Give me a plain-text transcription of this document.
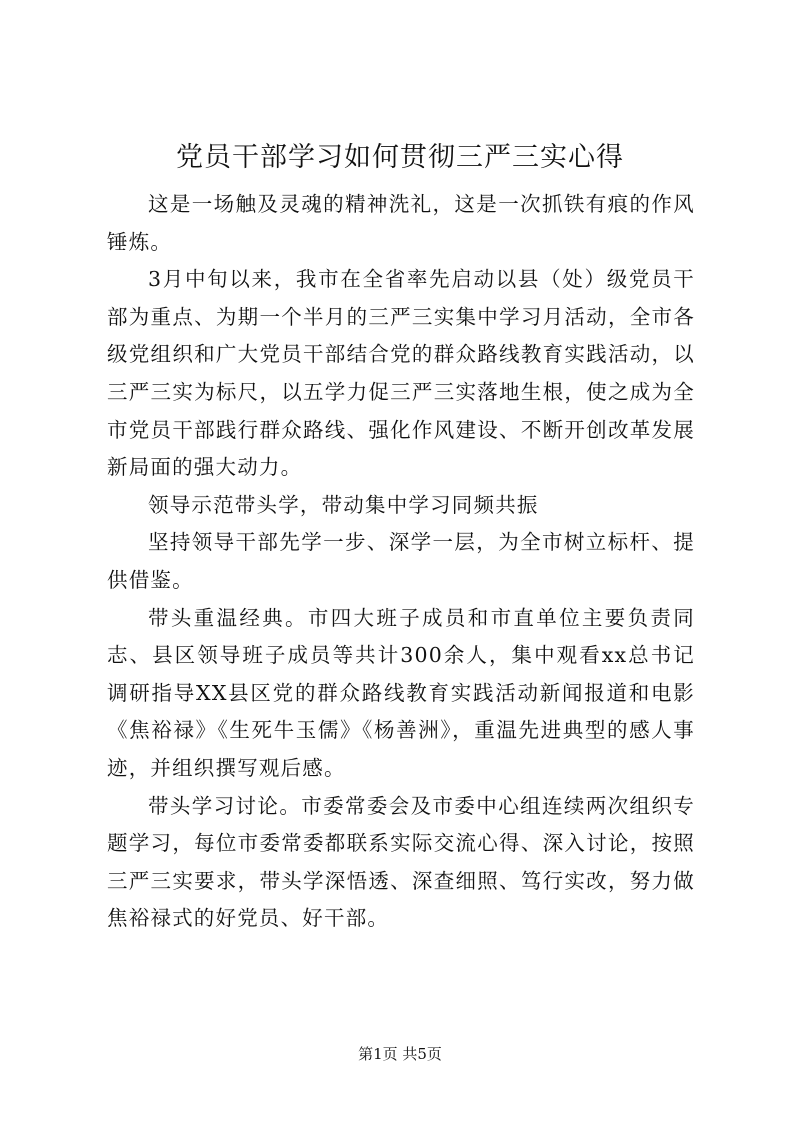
党员干部学习如何贯彻三严三实心得

这是一场触及灵魂的精神洗礼，这是一次抓铁有痕的作风锤炼。

3月中旬以来，我市在全省率先启动以县（处）级党员干部为重点、为期一个半月的三严三实集中学习月活动，全市各级党组织和广大党员干部结合党的群众路线教育实践活动，以三严三实为标尺，以五学力促三严三实落地生根，使之成为全市党员干部践行群众路线、强化作风建设、不断开创改革发展新局面的强大动力。

领导示范带头学，带动集中学习同频共振

坚持领导干部先学一步、深学一层，为全市树立标杆、提供借鉴。

带头重温经典。市四大班子成员和市直单位主要负责同志、县区领导班子成员等共计300余人，集中观看xx总书记调研指导XX县区党的群众路线教育实践活动新闻报道和电影《焦裕禄》《生死牛玉儒》《杨善洲》，重温先进典型的感人事迹，并组织撰写观后感。

带头学习讨论。市委常委会及市委中心组连续两次组织专题学习，每位市委常委都联系实际交流心得、深入讨论，按照三严三实要求，带头学深悟透、深查细照、笃行实改，努力做焦裕禄式的好党员、好干部。

第1页 共5页
